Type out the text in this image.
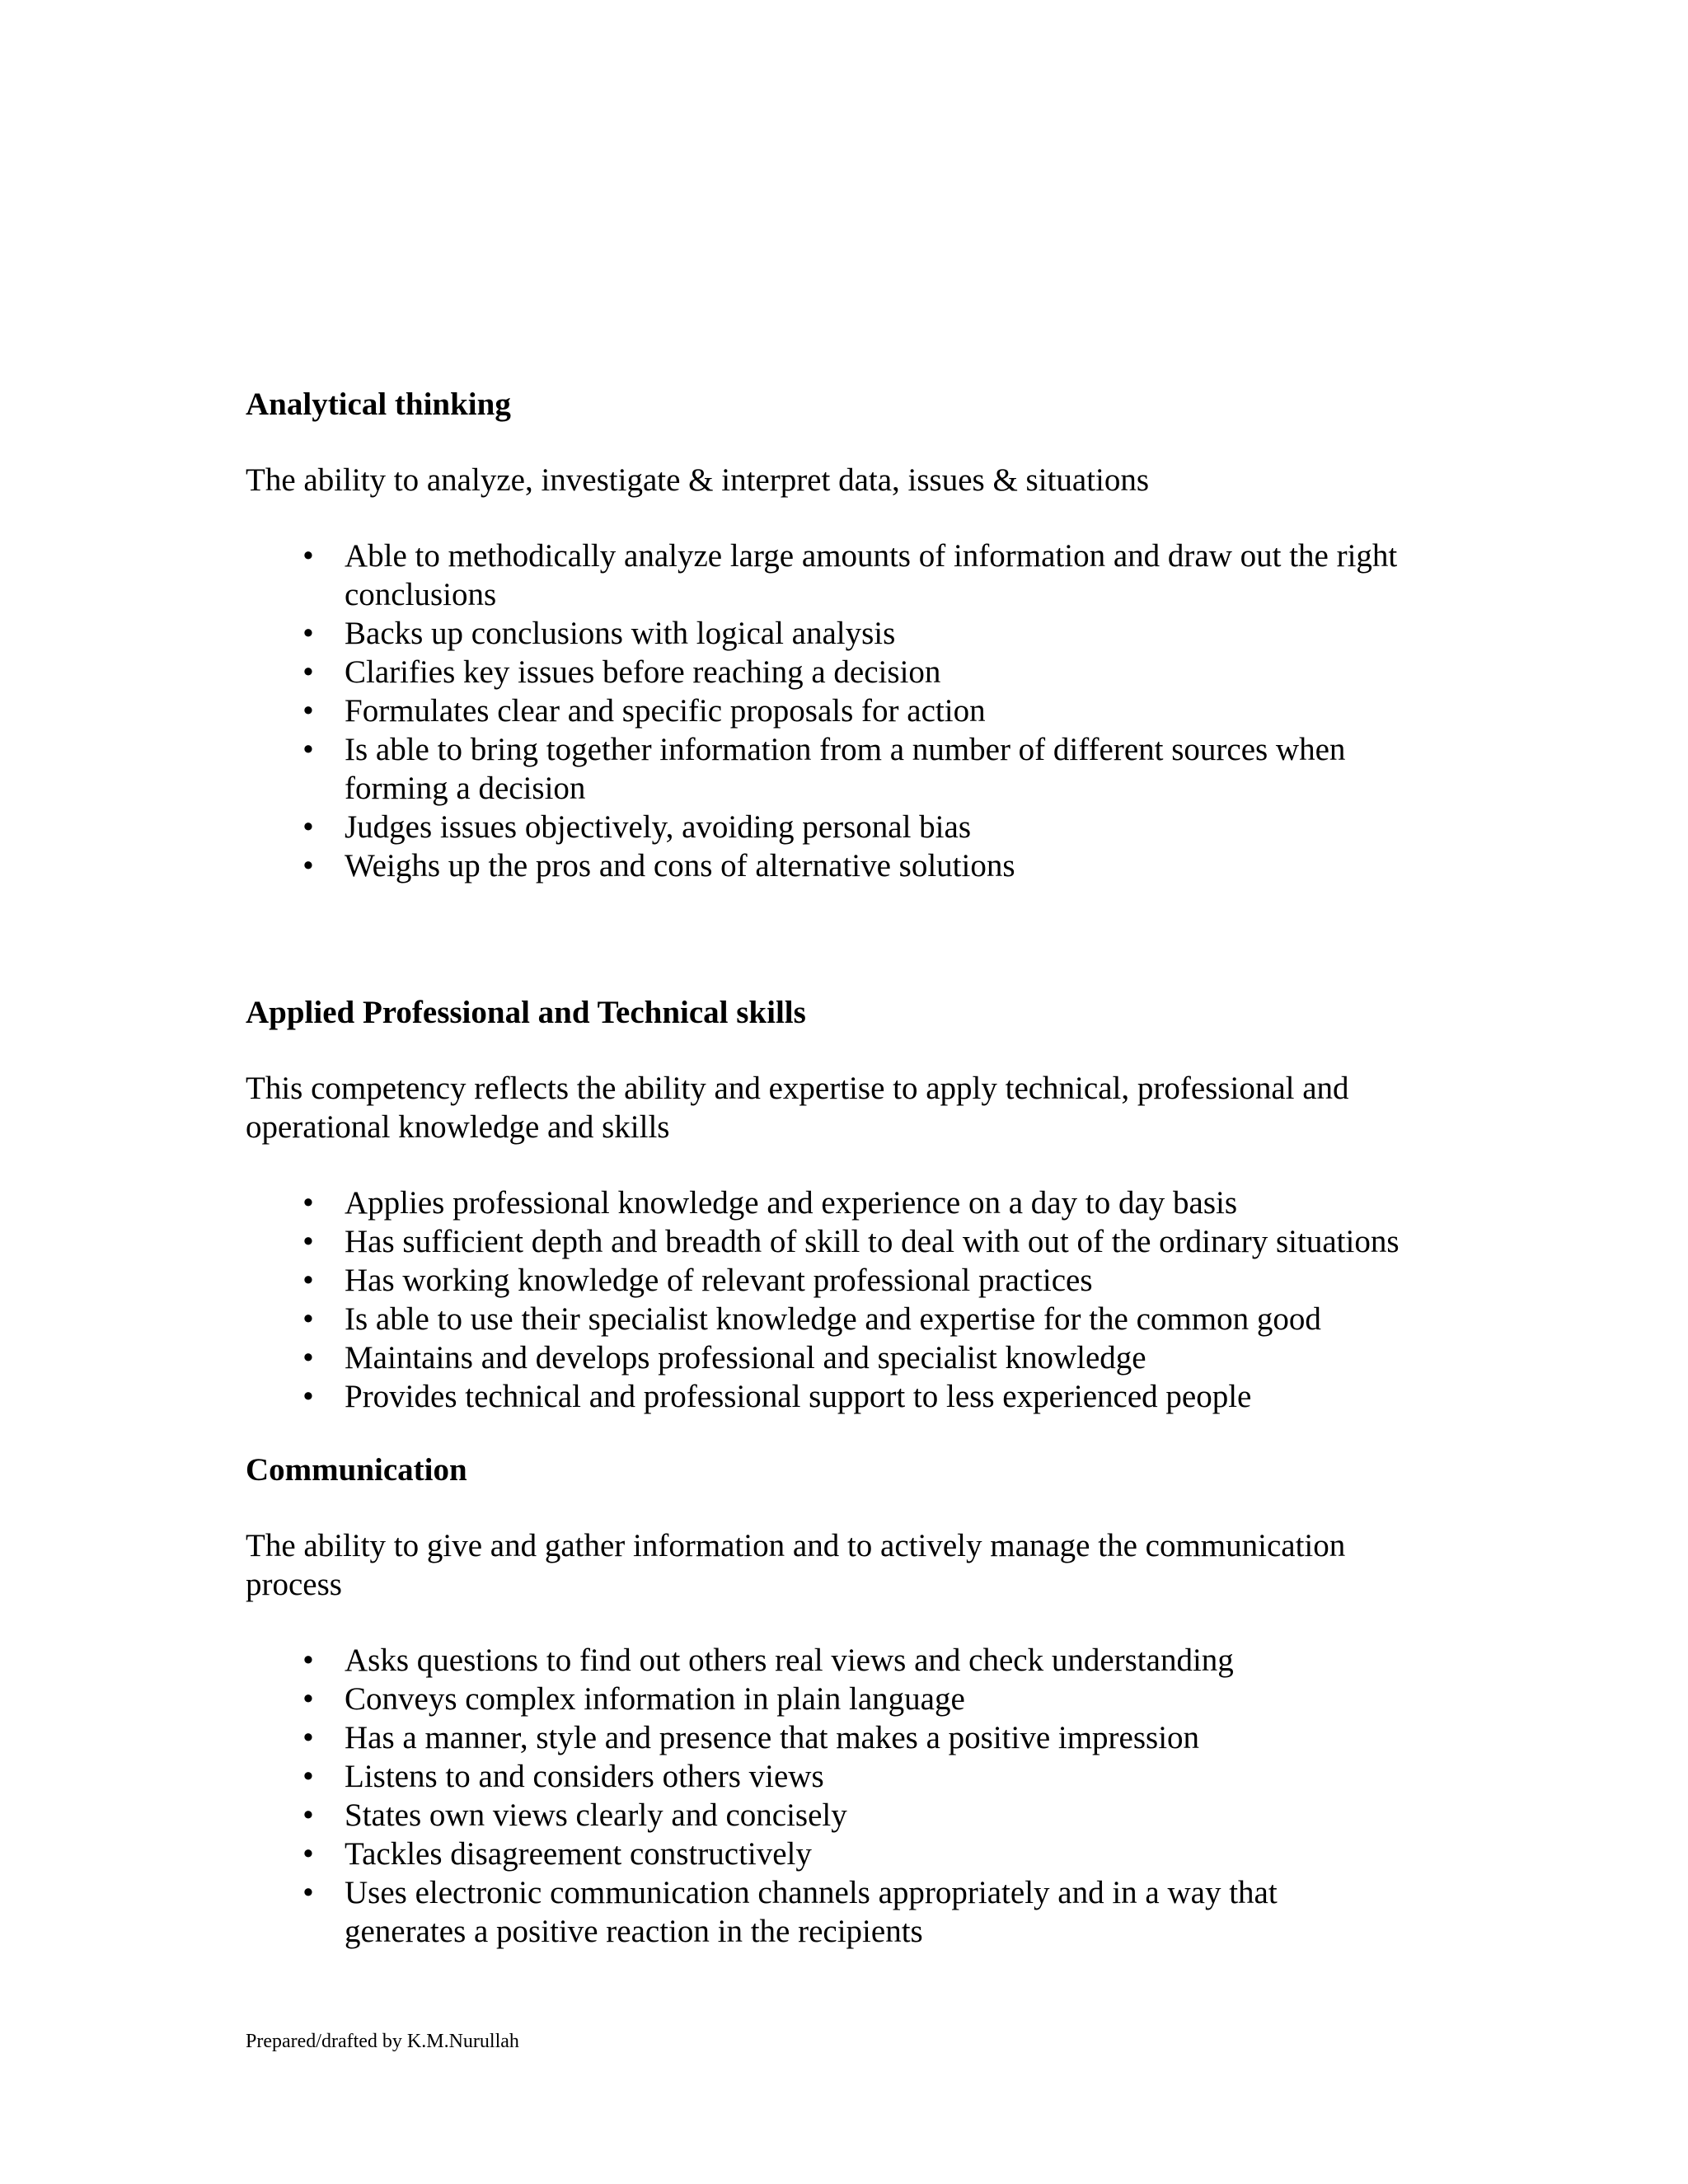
Analytical thinking

The ability to analyze, investigate & interpret data, issues & situations

• Able to methodically analyze large amounts of information and draw out the right
conclusions
• Backs up conclusions with logical analysis
• Clarifies key issues before reaching a decision
• Formulates clear and specific proposals for action
• Is able to bring together information from a number of different sources when
forming a decision
• Judges issues objectively, avoiding personal bias
• Weighs up the pros and cons of alternative solutions
Applied Professional and Technical skills

This competency reflects the ability and expertise to apply technical, professional and
operational knowledge and skills

• Applies professional knowledge and experience on a day to day basis
• Has sufficient depth and breadth of skill to deal with out of the ordinary situations
• Has working knowledge of relevant professional practices
• Is able to use their specialist knowledge and expertise for the common good
• Maintains and develops professional and specialist knowledge
• Provides technical and professional support to less experienced people
Communication

The ability to give and gather information and to actively manage the communication
process

• Asks questions to find out others real views and check understanding
• Conveys complex information in plain language
• Has a manner, style and presence that makes a positive impression
• Listens to and considers others views
• States own views clearly and concisely
• Tackles disagreement constructively
• Uses electronic communication channels appropriately and in a way that
generates a positive reaction in the recipients
Prepared/drafted by K.M.Nurullah
